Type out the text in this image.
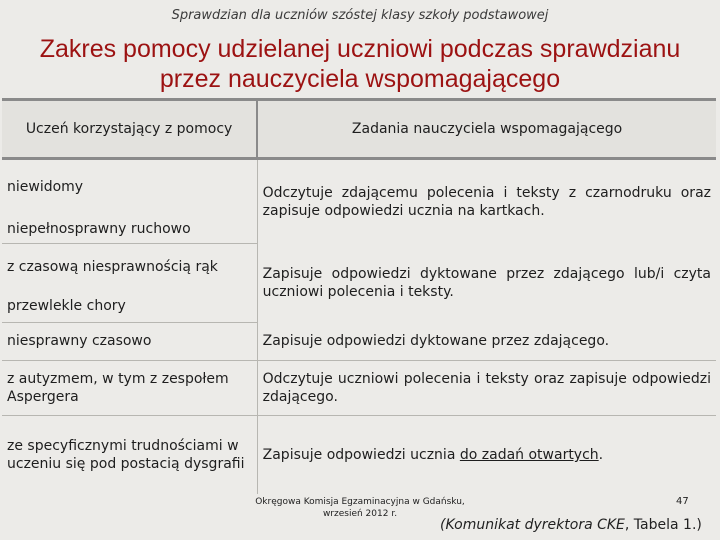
Sprawdzian dla uczniów szóstej klasy szkoły podstawowej
Zakres pomocy udzielanej uczniowi podczas sprawdzianu
przez nauczyciela wspomagającego
Uczeń korzystający z pomocy	Zadania nauczyciela wspomagającego
niewidomy	Odczytuje zdającemu polecenia i teksty z czarnodruku oraz zapisuje odpowiedzi ucznia na kartkach.
niepełnosprawny ruchowo	
z czasową niesprawnością rąk	Zapisuje odpowiedzi dyktowane przez zdającego lub/i czyta uczniowi polecenia i teksty.
przewlekle chory	
niesprawny czasowo	Zapisuje odpowiedzi dyktowane przez zdającego.
z autyzmem, w tym z zespołem Aspergera	Odczytuje uczniowi polecenia i teksty oraz zapisuje odpowiedzi zdającego.
ze specyficznymi trudnościami w uczeniu się pod postacią dysgrafii	Zapisuje odpowiedzi ucznia do zadań otwartych.
Okręgowa Komisja Egzaminacyjna w Gdańsku, wrzesień 2012 r.
47
(Komunikat dyrektora CKE, Tabela 1.)
